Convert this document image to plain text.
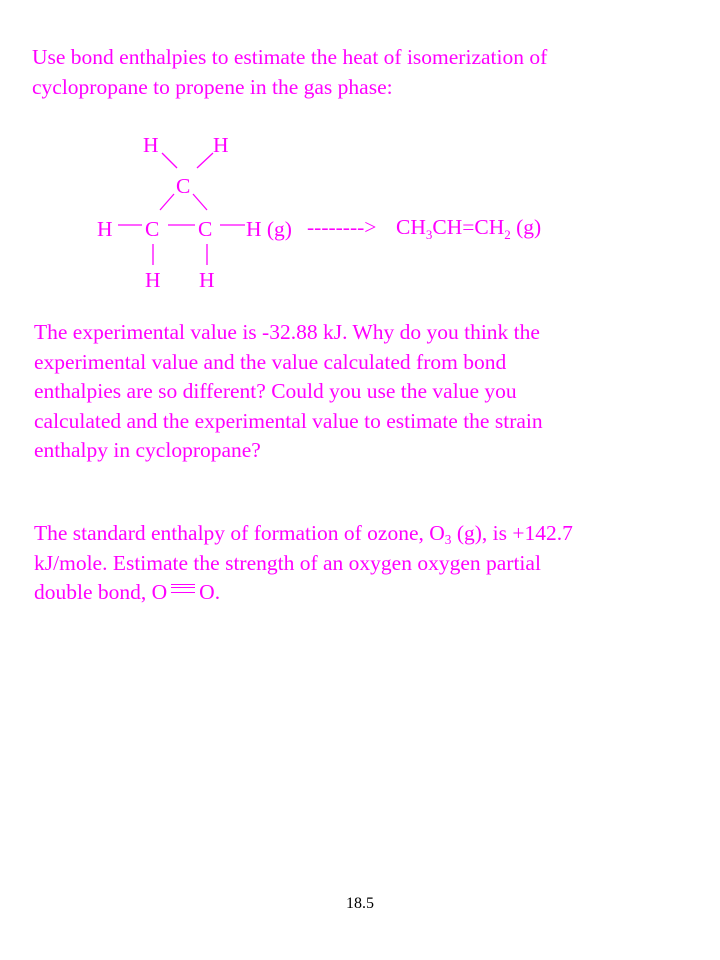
Use bond enthalpies to estimate the heat of isomerization of
cyclopropane to propene in the gas phase:

H	H
C
H C C H (g)
H H
--------> $CH_3CH=CH_2$ (g)

The experimental value is -32.88 kJ. Why do you think the
experimental value and the value calculated from bond
enthalpies are so different? Could you use the value you
calculated and the experimental value to estimate the strain
enthalpy in cyclopropane?

The standard enthalpy of formation of ozone, $O_3$ (g), is +142.7
kJ/mole. Estimate the strength of an oxygen oxygen partial
double bond, O O.

18.5
